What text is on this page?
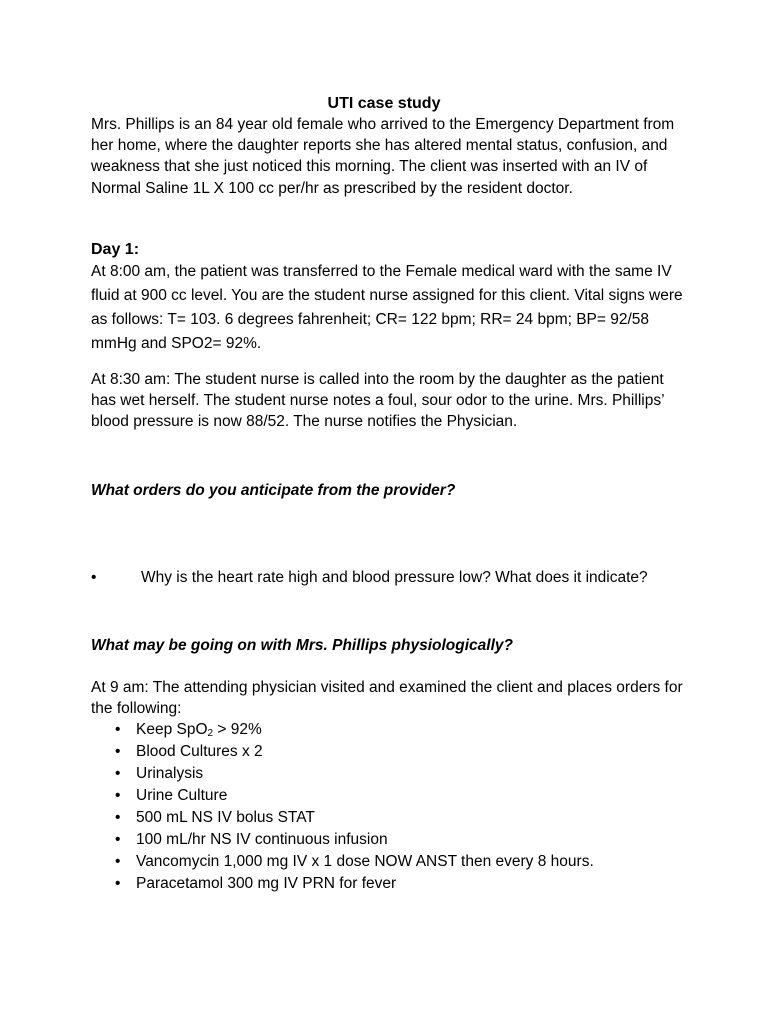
UTI case study

Mrs. Phillips is an 84 year old female who arrived to the Emergency Department from her home, where the daughter reports she has altered mental status, confusion, and weakness that she just noticed this morning. The client was inserted with an IV of Normal Saline 1L X 100 cc per/hr as prescribed by the resident doctor.

Day 1:

At 8:00 am, the patient was transferred to the Female medical ward with the same IV fluid at 900 cc level. You are the student nurse assigned for this client. Vital signs were as follows: T= 103. 6 degrees fahrenheit; CR= 122 bpm; RR= 24 bpm; BP= 92/58 mmHg and SPO2= 92%.

At 8:30 am: The student nurse is called into the room by the daughter as the patient has wet herself. The student nurse notes a foul, sour odor to the urine. Mrs. Phillips’ blood pressure is now 88/52. The nurse notifies the Physician.

What orders do you anticipate from the provider?
•	Why is the heart rate high and blood pressure low? What does it indicate?
What may be going on with Mrs. Phillips physiologically?

At 9 am: The attending physician visited and examined the client and places orders for the following:

• Keep SpO$_2$ > 92%
• Blood Cultures x 2
• Urinalysis
• Urine Culture
• 500 mL NS IV bolus STAT
• 100 mL/hr NS IV continuous infusion
• Vancomycin 1,000 mg IV x 1 dose NOW ANST then every 8 hours.
• Paracetamol 300 mg IV PRN for fever
